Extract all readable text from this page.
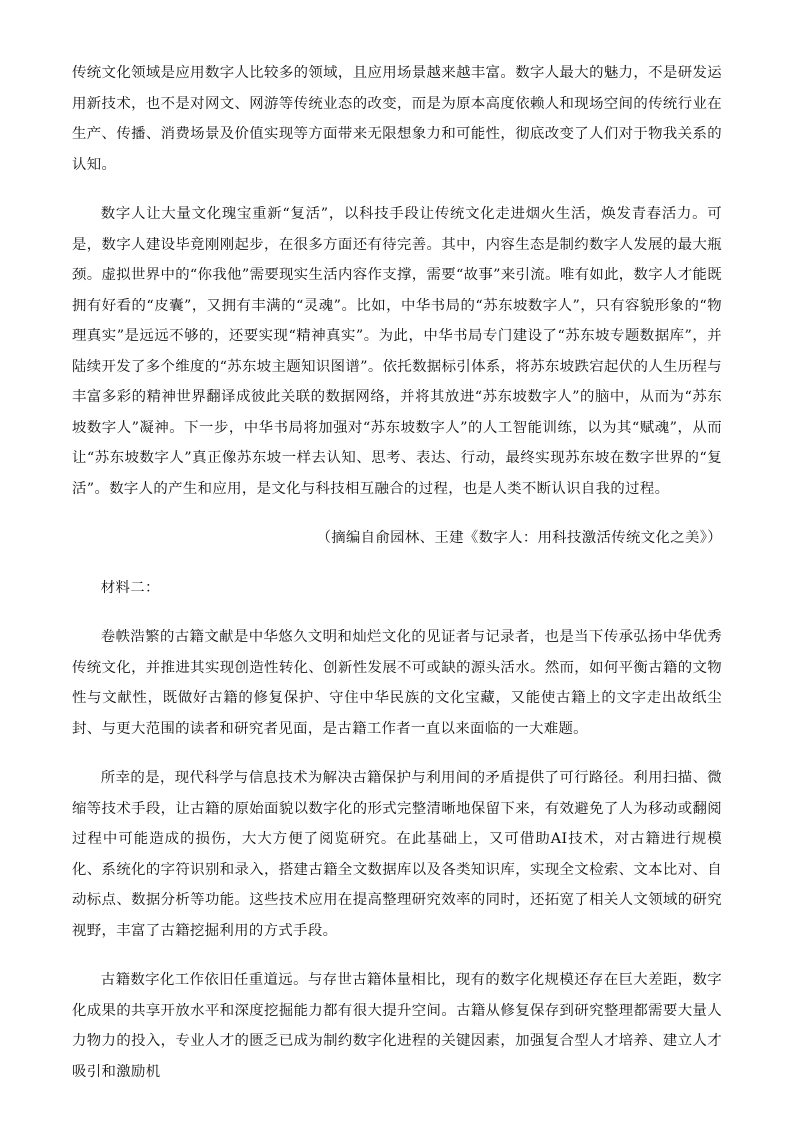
传统文化领域是应用数字人比较多的领域，且应用场景越来越丰富。数字人最大的魅力，不是研发运用新技术，也不是对网文、网游等传统业态的改变，而是为原本高度依赖人和现场空间的传统行业在生产、传播、消费场景及价值实现等方面带来无限想象力和可能性，彻底改变了人们对于物我关系的认知。

数字人让大量文化瑰宝重新“复活”，以科技手段让传统文化走进烟火生活，焕发青春活力。可是，数字人建设毕竟刚刚起步，在很多方面还有待完善。其中，内容生态是制约数字人发展的最大瓶颈。虚拟世界中的“你我他”需要现实生活内容作支撑，需要“故事”来引流。唯有如此，数字人才能既拥有好看的“皮囊”，又拥有丰满的“灵魂”。比如，中华书局的“苏东坡数字人”，只有容貌形象的“物理真实”是远远不够的，还要实现“精神真实”。为此，中华书局专门建设了“苏东坡专题数据库”，并陆续开发了多个维度的“苏东坡主题知识图谱”。依托数据标引体系，将苏东坡跌宕起伏的人生历程与丰富多彩的精神世界翻译成彼此关联的数据网络，并将其放进“苏东坡数字人”的脑中，从而为“苏东坡数字人”凝神。下一步，中华书局将加强对“苏东坡数字人”的人工智能训练，以为其“赋魂”，从而让“苏东坡数字人”真正像苏东坡一样去认知、思考、表达、行动，最终实现苏东坡在数字世界的“复活”。数字人的产生和应用，是文化与科技相互融合的过程，也是人类不断认识自我的过程。

（摘编自俞园林、王建《数字人：用科技激活传统文化之美》）

材料二：

卷帙浩繁的古籍文献是中华悠久文明和灿烂文化的见证者与记录者，也是当下传承弘扬中华优秀传统文化，并推进其实现创造性转化、创新性发展不可或缺的源头活水。然而，如何平衡古籍的文物性与文献性，既做好古籍的修复保护、守住中华民族的文化宝藏，又能使古籍上的文字走出故纸尘封、与更大范围的读者和研究者见面，是古籍工作者一直以来面临的一大难题。

所幸的是，现代科学与信息技术为解决古籍保护与利用间的矛盾提供了可行路径。利用扫描、微缩等技术手段，让古籍的原始面貌以数字化的形式完整清晰地保留下来，有效避免了人为移动或翻阅过程中可能造成的损伤，大大方便了阅览研究。在此基础上，又可借助AI技术，对古籍进行规模化、系统化的字符识别和录入，搭建古籍全文数据库以及各类知识库，实现全文检索、文本比对、自动标点、数据分析等功能。这些技术应用在提高整理研究效率的同时，还拓宽了相关人文领域的研究视野，丰富了古籍挖掘利用的方式手段。

古籍数字化工作依旧任重道远。与存世古籍体量相比，现有的数字化规模还存在巨大差距，数字化成果的共享开放水平和深度挖掘能力都有很大提升空间。古籍从修复保存到研究整理都需要大量人力物力的投入，专业人才的匮乏已成为制约数字化进程的关键因素，加强复合型人才培养、建立人才吸引和激励机
